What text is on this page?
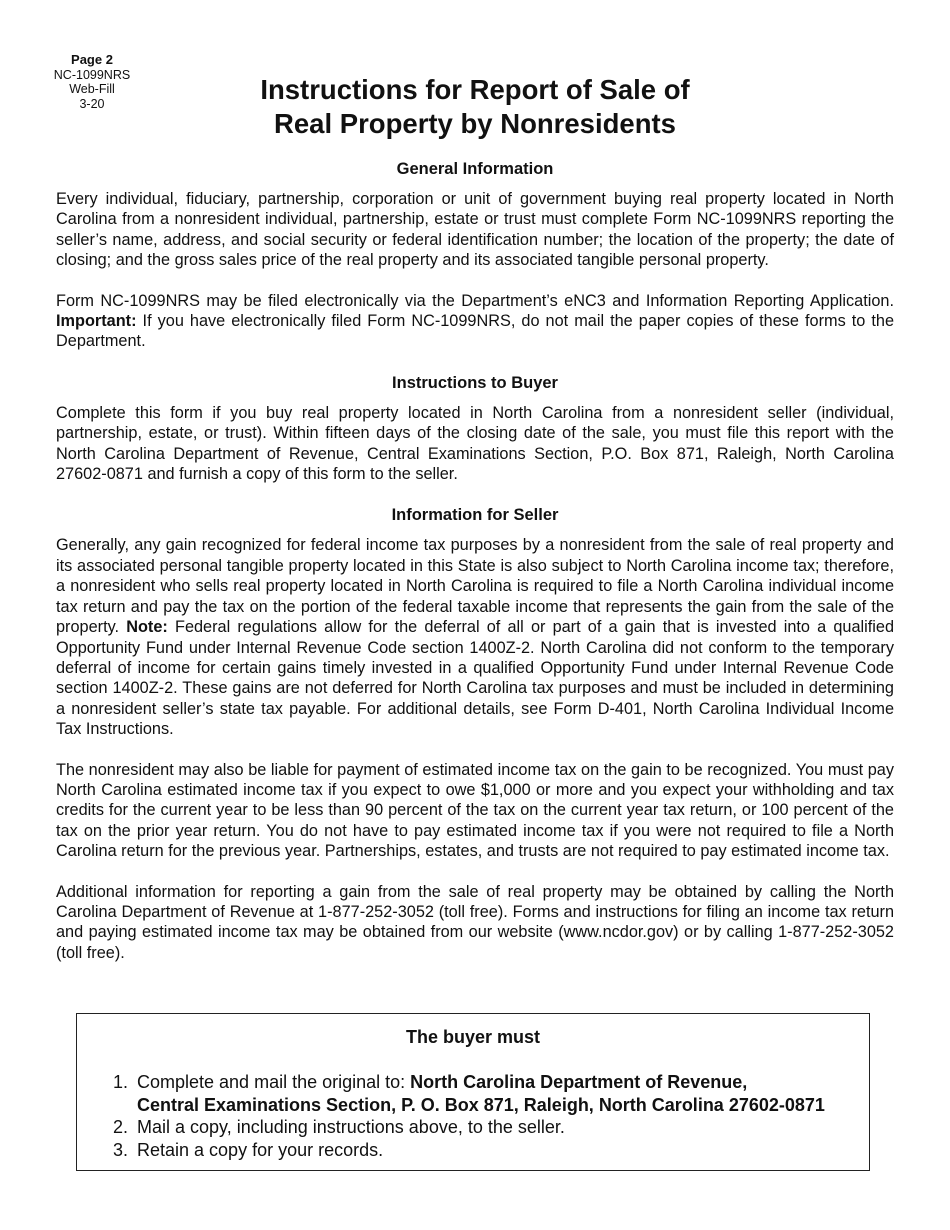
Page 2
NC-1099NRS
Web-Fill
3-20	Instructions for Report of Sale of
Real Property by Nonresidents
General Information

Every individual, fiduciary, partnership, corporation or unit of government buying real property located in North Carolina from a nonresident individual, partnership, estate or trust must complete Form NC-1099NRS reporting the seller’s name, address, and social security or federal identification number; the location of the property; the date of closing; and the gross sales price of the real property and its associated tangible personal property.

Form NC-1099NRS may be filed electronically via the Department’s eNC3 and Information Reporting Application. Important: If you have electronically filed Form NC-1099NRS, do not mail the paper copies of these forms to the Department.

Instructions to Buyer

Complete this form if you buy real property located in North Carolina from a nonresident seller (individual, partnership, estate, or trust). Within fifteen days of the closing date of the sale, you must file this report with the North Carolina Department of Revenue, Central Examinations Section, P.O. Box 871, Raleigh, North Carolina 27602-0871 and furnish a copy of this form to the seller.

Information for Seller

Generally, any gain recognized for federal income tax purposes by a nonresident from the sale of real property and its associated personal tangible property located in this State is also subject to North Carolina income tax; therefore, a nonresident who sells real property located in North Carolina is required to file a North Carolina individual income tax return and pay the tax on the portion of the federal taxable income that represents the gain from the sale of the property. Note: Federal regulations allow for the deferral of all or part of a gain that is invested into a qualified Opportunity Fund under Internal Revenue Code section 1400Z-2. North Carolina did not conform to the temporary deferral of income for certain gains timely invested in a qualified Opportunity Fund under Internal Revenue Code section 1400Z-2. These gains are not deferred for North Carolina tax purposes and must be included in determining a nonresident seller’s state tax payable. For additional details, see Form D-401, North Carolina Individual Income Tax Instructions.

The nonresident may also be liable for payment of estimated income tax on the gain to be recognized. You must pay North Carolina estimated income tax if you expect to owe $1,000 or more and you expect your withholding and tax credits for the current year to be less than 90 percent of the tax on the current year tax return, or 100 percent of the tax on the prior year return. You do not have to pay estimated income tax if you were not required to file a North Carolina return for the previous year. Partnerships, estates, and trusts are not required to pay estimated income tax.

Additional information for reporting a gain from the sale of real property may be obtained by calling the North Carolina Department of Revenue at 1-877-252-3052 (toll free). Forms and instructions for filing an income tax return and paying estimated income tax may be obtained from our website (www.ncdor.gov) or by calling 1-877-252-3052 (toll free).

The buyer must
1. Complete and mail the original to: North Carolina Department of Revenue,
Central Examinations Section, P. O. Box 871, Raleigh, North Carolina 27602-0871
2. Mail a copy, including instructions above, to the seller.
3. Retain a copy for your records.
